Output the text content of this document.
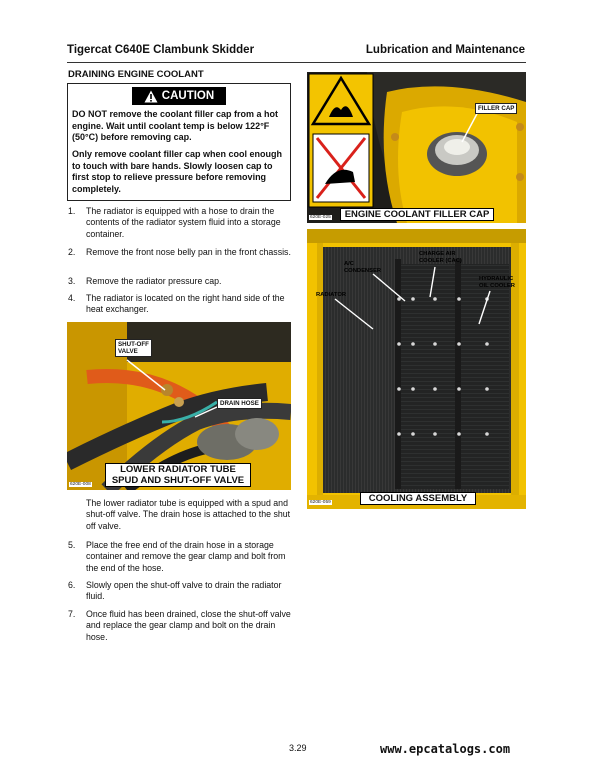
Tigercat C640E Clambunk Skidder	Lubrication and Maintenance
DRAINING ENGINE COOLANT
CAUTION

DO NOT remove the coolant filler cap from a hot engine. Wait until coolant temp is below 122°F (50°C) before removing cap.

Only remove coolant filler cap when cool enough to touch with bare hands. Slowly loosen cap to first stop to relieve pressure before removing completely.

1. The radiator is equipped with a hose to drain the contents of the radiator system fluid into a storage container.
2. Remove the front nose belly pan in the front chassis.
3. Remove the radiator pressure cap.
4. The radiator is located on the right hand side of the heat exchanger.
The lower radiator tube is equipped with a spud and shut-off valve. The drain hose is attached to the shut off valve.
5. Place the free end of the drain hose in a storage container and remove the gear clamp and bolt from the end of the hose.
6. Slowly open the shut-off valve to drain the radiator fluid.
7. Once fluid has been drained, close the shut-off valve and replace the gear clamp and bolt on the drain hose.
SHUT-OFF
VALVE
DRAIN HOSE
LOWER RADIATOR TUBE
SPUD AND SHUT-OFF VALVE
620E-008
FILLER CAP
ENGINE COOLANT FILLER CAP
620E-025
RADIATOR
A/C
CONDENSER
CHARGE AIR
COOLER (CAC)
HYDRAULIC
OIL COOLER
COOLING ASSEMBLY
620E-059
3.29	www.epcatalogs.com
